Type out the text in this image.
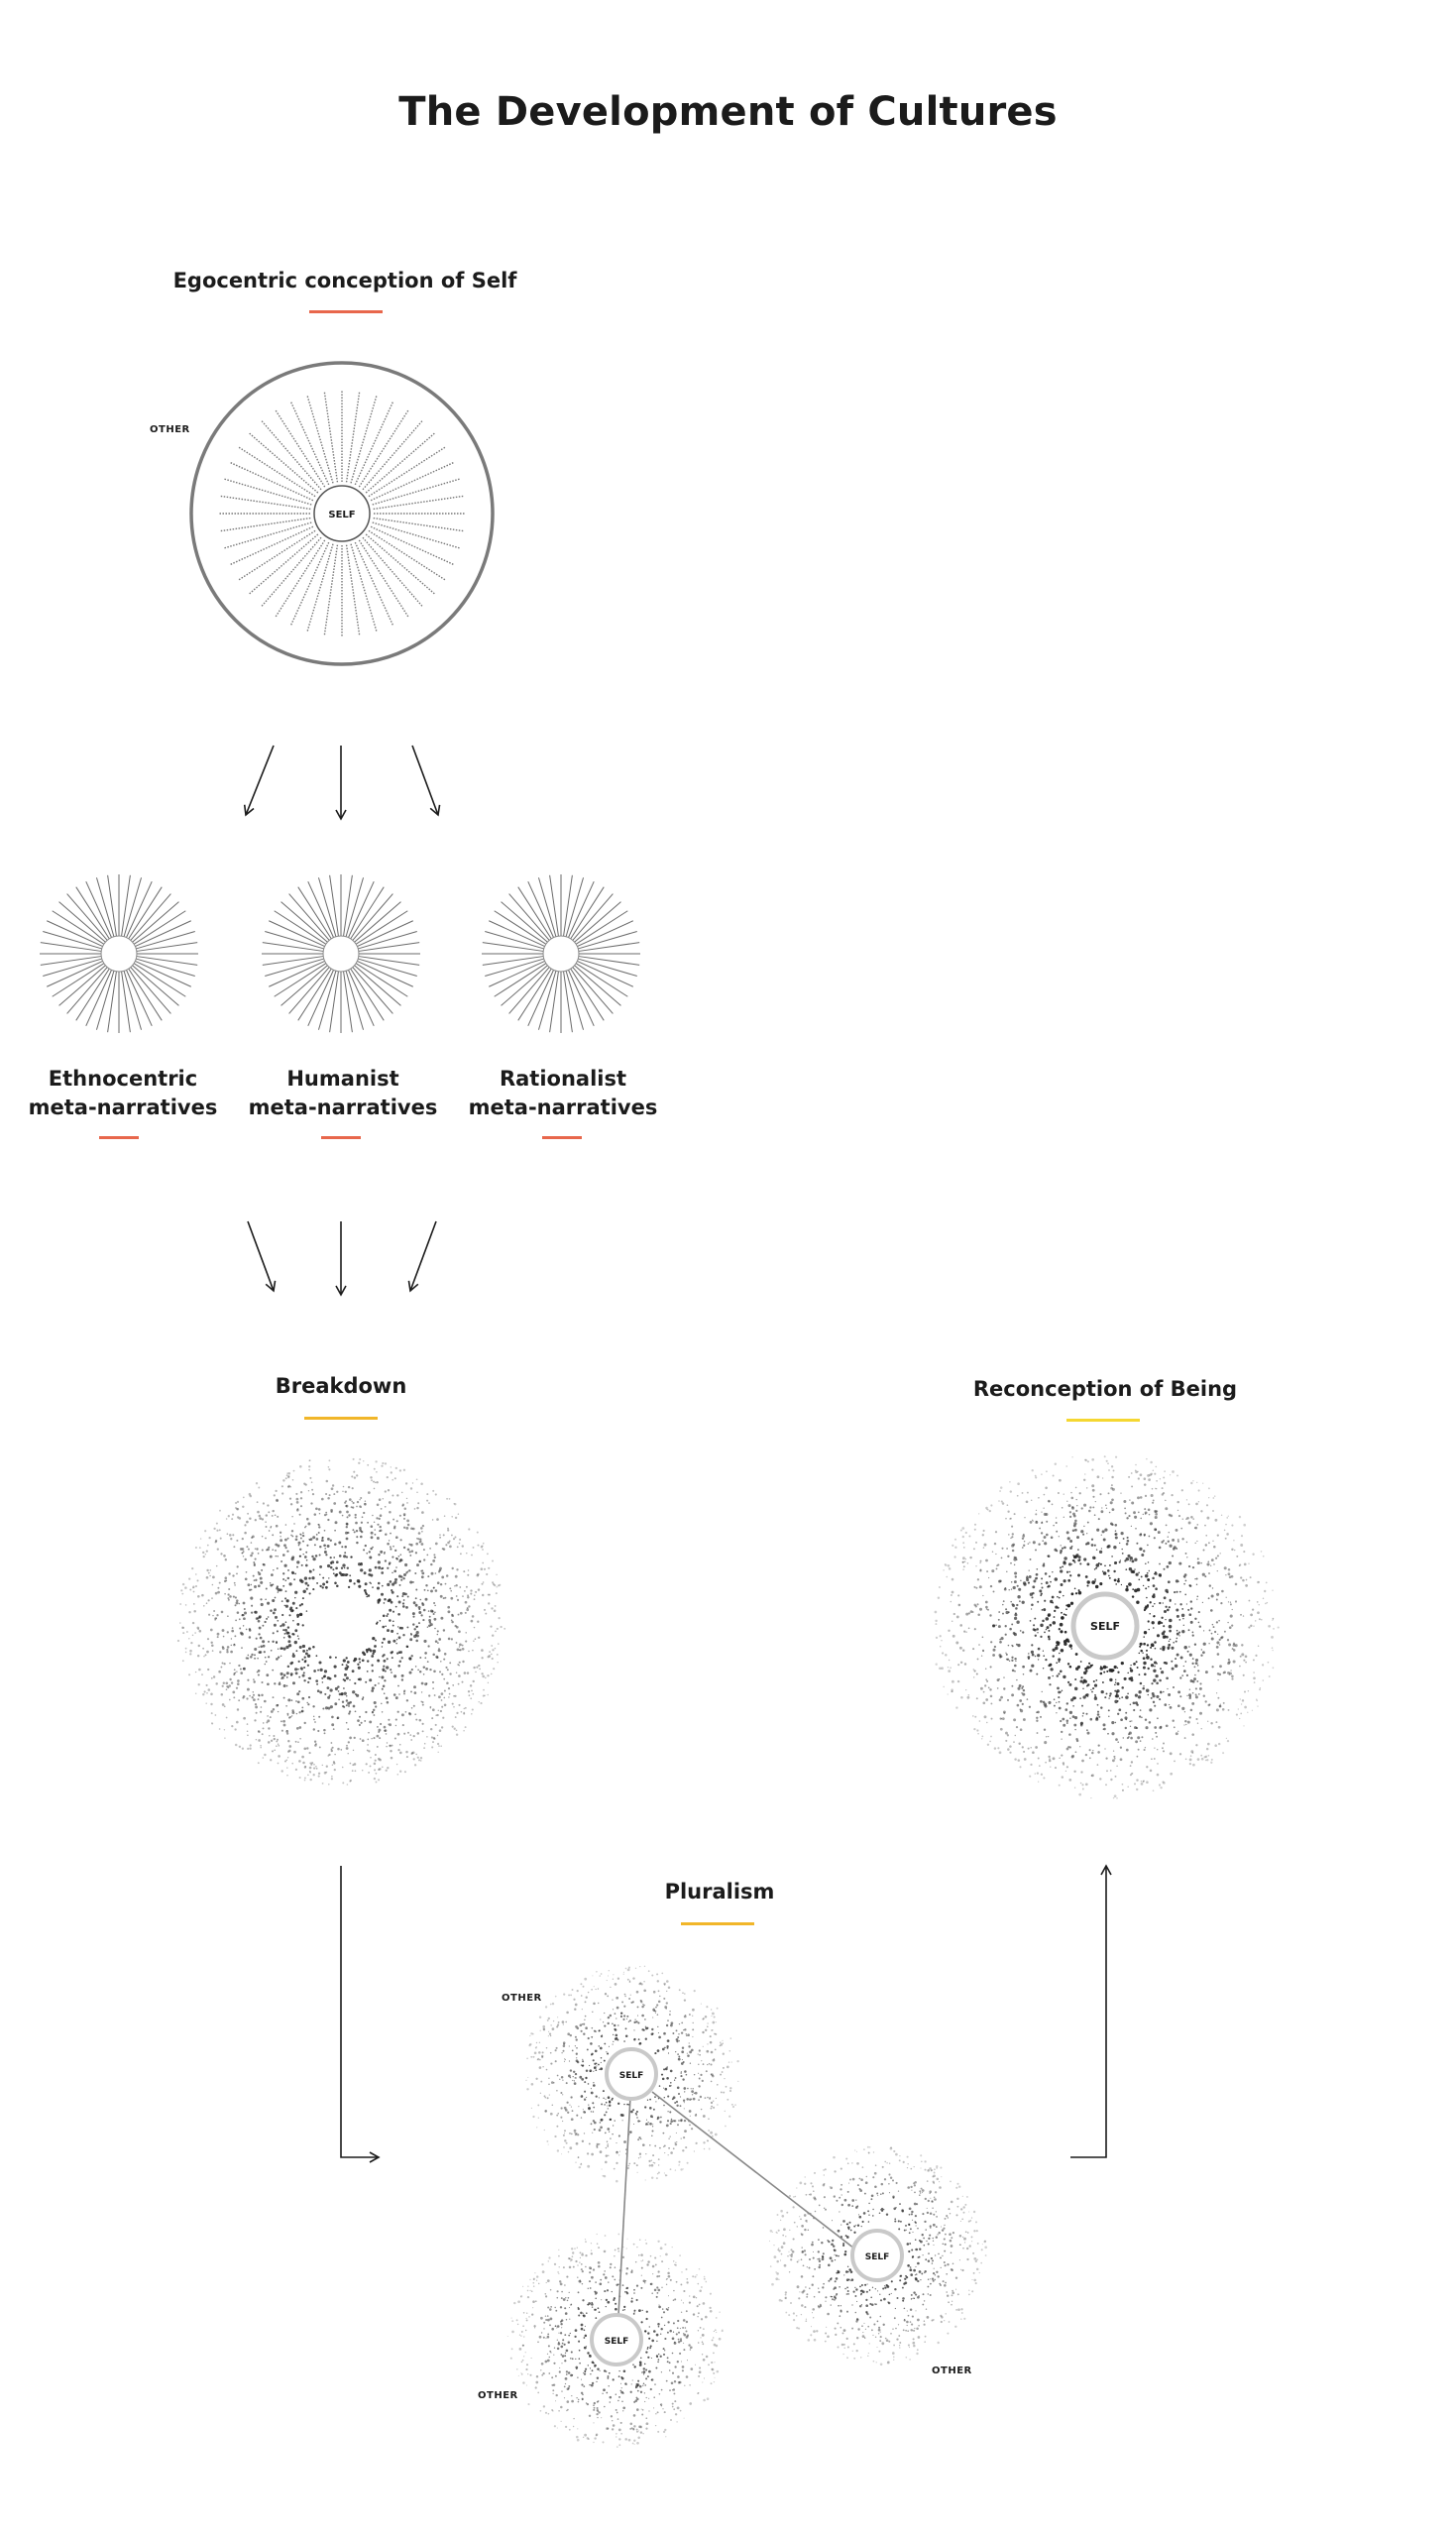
The Development of Cultures
Egocentric conception of Self
OTHER
Ethnocentric
meta-narratives
Humanist
meta-narratives
Rationalist
meta-narratives
Breakdown	Reconception of Being
Pluralism
OTHER
OTHER
OTHER
SELF
SELF
SELF
SELF
SELF
